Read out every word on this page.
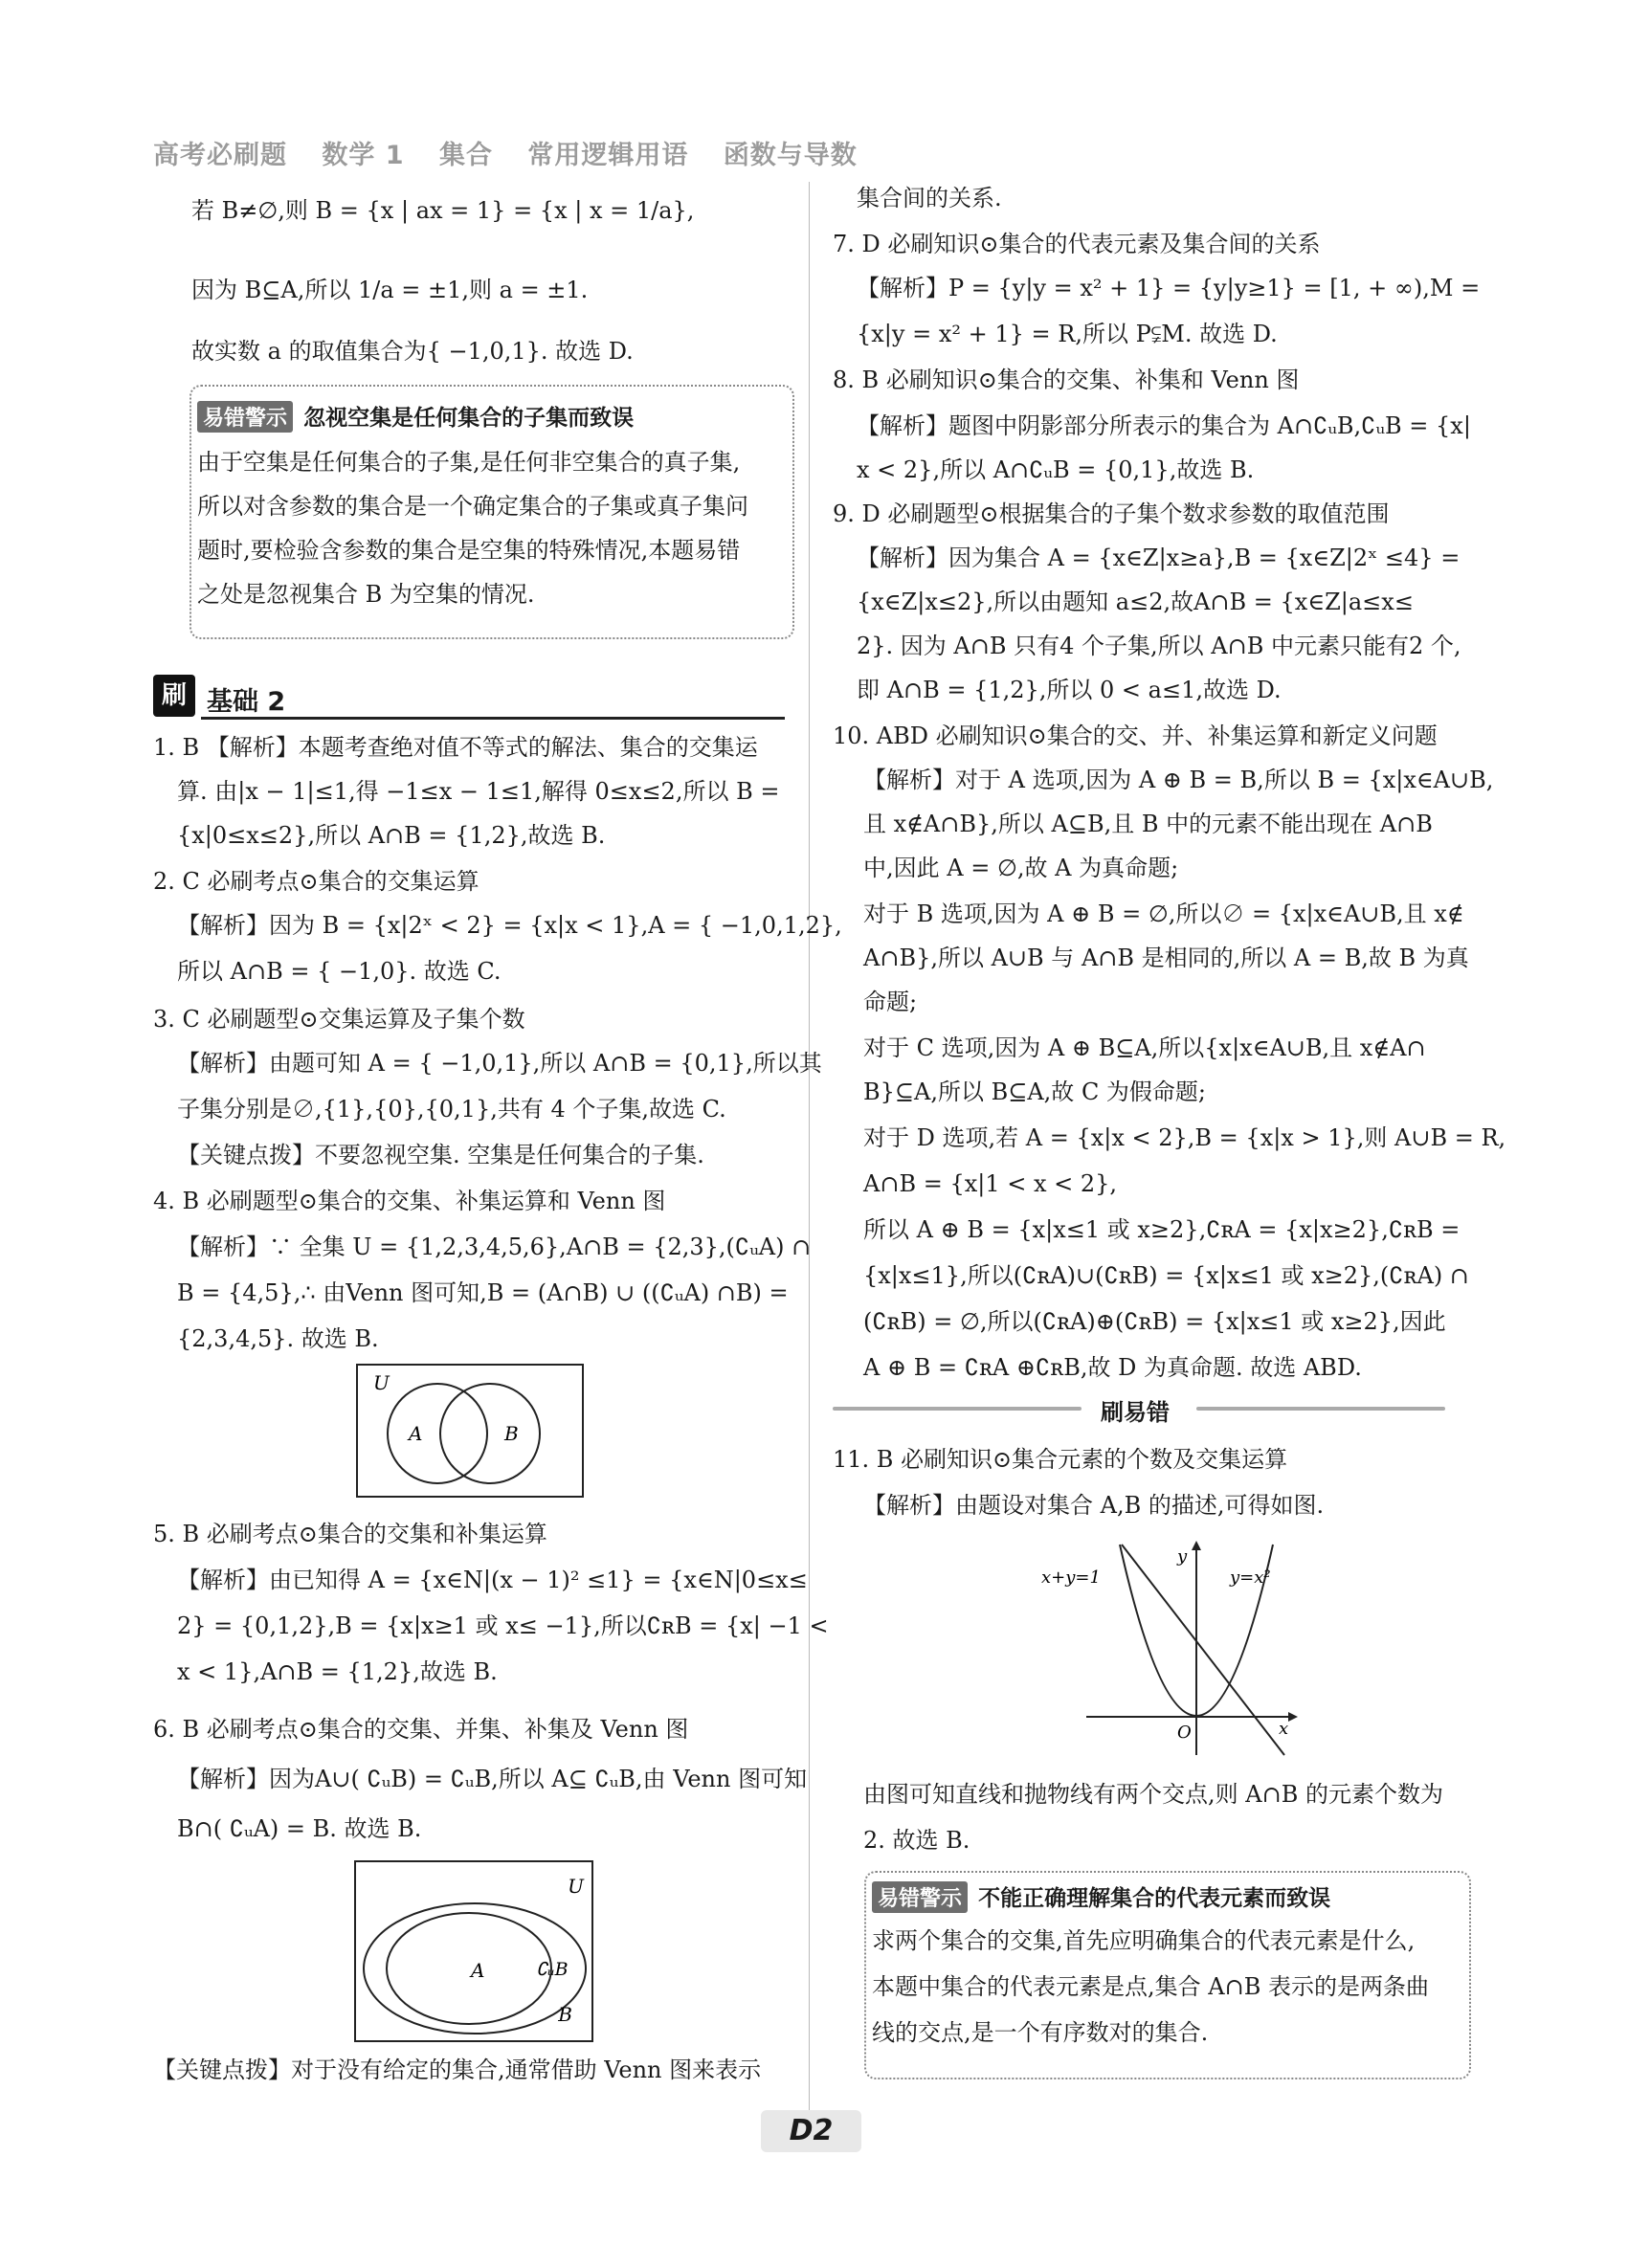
高考必刷题 数学 1 集合 常用逻辑用语 函数与导数
若 B≠∅,则 B = {x | ax = 1} = {x | x = 1/a},
因为 B⊆A,所以 1/a = ±1,则 a = ±1.
故实数 a 的取值集合为{ −1,0,1}. 故选 D.
易错警示 忽视空集是任何集合的子集而致误
由于空集是任何集合的子集,是任何非空集合的真子集,
所以对含参数的集合是一个确定集合的子集或真子集问
题时,要检验含参数的集合是空集的特殊情况,本题易错
之处是忽视集合 B 为空集的情况.
刷 基础 2
1. B 【解析】本题考查绝对值不等式的解法、集合的交集运
算. 由|x − 1|≤1,得 −1≤x − 1≤1,解得 0≤x≤2,所以 B =
{x|0≤x≤2},所以 A∩B = {1,2},故选 B.
2. C 必刷考点⊙集合的交集运算
【解析】因为 B = {x|2ˣ < 2} = {x|x < 1},A = { −1,0,1,2},
所以 A∩B = { −1,0}. 故选 C.
3. C 必刷题型⊙交集运算及子集个数
【解析】由题可知 A = { −1,0,1},所以 A∩B = {0,1},所以其
子集分别是∅,{1},{0},{0,1},共有 4 个子集,故选 C.
【关键点拨】不要忽视空集. 空集是任何集合的子集.
4. B 必刷题型⊙集合的交集、补集运算和 Venn 图
【解析】∵ 全集 U = {1,2,3,4,5,6},A∩B = {2,3},(∁ᵤA) ∩
B = {4,5},∴ 由Venn 图可知,B = (A∩B) ∪ ((∁ᵤA) ∩B) =
{2,3,4,5}. 故选 B.
U
A	B
5. B 必刷考点⊙集合的交集和补集运算
【解析】由已知得 A = {x∈N|(x − 1)² ≤1} = {x∈N|0≤x≤
2} = {0,1,2},B = {x|x≥1 或 x≤ −1},所以∁ʀB = {x| −1 <
x < 1},A∩B = {1,2},故选 B.
6. B 必刷考点⊙集合的交集、并集、补集及 Venn 图
【解析】因为A∪( ∁ᵤB) = ∁ᵤB,所以 A⊆ ∁ᵤB,由 Venn 图可知
B∩( ∁ᵤA) = B. 故选 B.
U
A	∁ᵤB
B
【关键点拨】对于没有给定的集合,通常借助 Venn 图来表示
集合间的关系.
7. D 必刷知识⊙集合的代表元素及集合间的关系
【解析】P = {y|y = x² + 1} = {y|y≥1} = [1, + ∞),M =
{x|y = x² + 1} = R,所以 P⫋M. 故选 D.
8. B 必刷知识⊙集合的交集、补集和 Venn 图
【解析】题图中阴影部分所表示的集合为 A∩∁ᵤB,∁ᵤB = {x|
x < 2},所以 A∩∁ᵤB = {0,1},故选 B.
9. D 必刷题型⊙根据集合的子集个数求参数的取值范围
【解析】因为集合 A = {x∈Z|x≥a},B = {x∈Z|2ˣ ≤4} =
{x∈Z|x≤2},所以由题知 a≤2,故A∩B = {x∈Z|a≤x≤
2}. 因为 A∩B 只有4 个子集,所以 A∩B 中元素只能有2 个,
即 A∩B = {1,2},所以 0 < a≤1,故选 D.
10. ABD 必刷知识⊙集合的交、并、补集运算和新定义问题
【解析】对于 A 选项,因为 A ⊕ B = B,所以 B = {x|x∈A∪B,
且 x∉A∩B},所以 A⊆B,且 B 中的元素不能出现在 A∩B
中,因此 A = ∅,故 A 为真命题;
对于 B 选项,因为 A ⊕ B = ∅,所以∅ = {x|x∈A∪B,且 x∉
A∩B},所以 A∪B 与 A∩B 是相同的,所以 A = B,故 B 为真
命题;
对于 C 选项,因为 A ⊕ B⊆A,所以{x|x∈A∪B,且 x∉A∩
B}⊆A,所以 B⊆A,故 C 为假命题;
对于 D 选项,若 A = {x|x < 2},B = {x|x > 1},则 A∪B = R,
A∩B = {x|1 < x < 2},
所以 A ⊕ B = {x|x≤1 或 x≥2},∁ʀA = {x|x≥2},∁ʀB =
{x|x≤1},所以(∁ʀA)∪(∁ʀB) = {x|x≤1 或 x≥2},(∁ʀA) ∩
(∁ʀB) = ∅,所以(∁ʀA)⊕(∁ʀB) = {x|x≤1 或 x≥2},因此
A ⊕ B = ∁ʀA ⊕∁ʀB,故 D 为真命题. 故选 ABD.
刷易错
11. B 必刷知识⊙集合元素的个数及交集运算
【解析】由题设对集合 A,B 的描述,可得如图.
x+y=1	y=x²
y
x
O
由图可知直线和抛物线有两个交点,则 A∩B 的元素个数为
2. 故选 B.
易错警示 不能正确理解集合的代表元素而致误
求两个集合的交集,首先应明确集合的代表元素是什么,
本题中集合的代表元素是点,集合 A∩B 表示的是两条曲
线的交点,是一个有序数对的集合.
D2
